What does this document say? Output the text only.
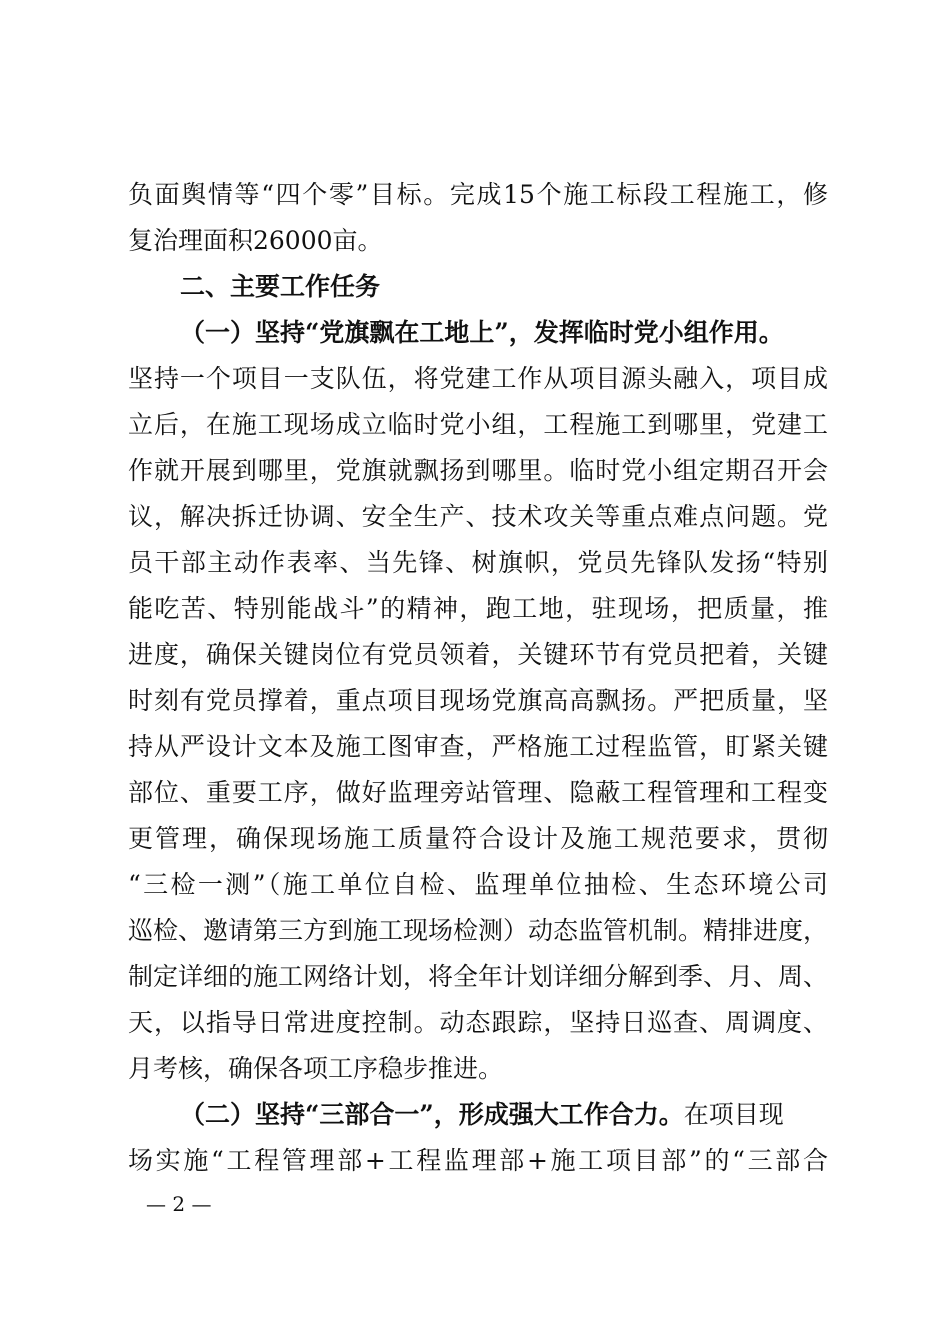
负面舆情等“四个零”目标。完成15个施工标段工程施工，修
复治理面积26000亩。
二、主要工作任务
（一）坚持“党旗飘在工地上”，发挥临时党小组作用。
坚持一个项目一支队伍，将党建工作从项目源头融入，项目成
立后，在施工现场成立临时党小组，工程施工到哪里，党建工
作就开展到哪里，党旗就飘扬到哪里。临时党小组定期召开会
议，解决拆迁协调、安全生产、技术攻关等重点难点问题。党
员干部主动作表率、当先锋、树旗帜，党员先锋队发扬“特别
能吃苦、特别能战斗”的精神，跑工地，驻现场，把质量，推
进度，确保关键岗位有党员领着，关键环节有党员把着，关键
时刻有党员撑着，重点项目现场党旗高高飘扬。严把质量，坚
持从严设计文本及施工图审查，严格施工过程监管，盯紧关键
部位、重要工序，做好监理旁站管理、隐蔽工程管理和工程变
更管理，确保现场施工质量符合设计及施工规范要求，贯彻
“三检一测”（施工单位自检、监理单位抽检、生态环境公司
巡检、邀请第三方到施工现场检测）动态监管机制。精排进度，
制定详细的施工网络计划，将全年计划详细分解到季、月、周、
天，以指导日常进度控制。动态跟踪，坚持日巡查、周调度、
月考核，确保各项工序稳步推进。
（二）坚持“三部合一”，形成强大工作合力。在项目现
场实施“工程管理部+工程监理部+施工项目部”的“三部合
— 2 —
